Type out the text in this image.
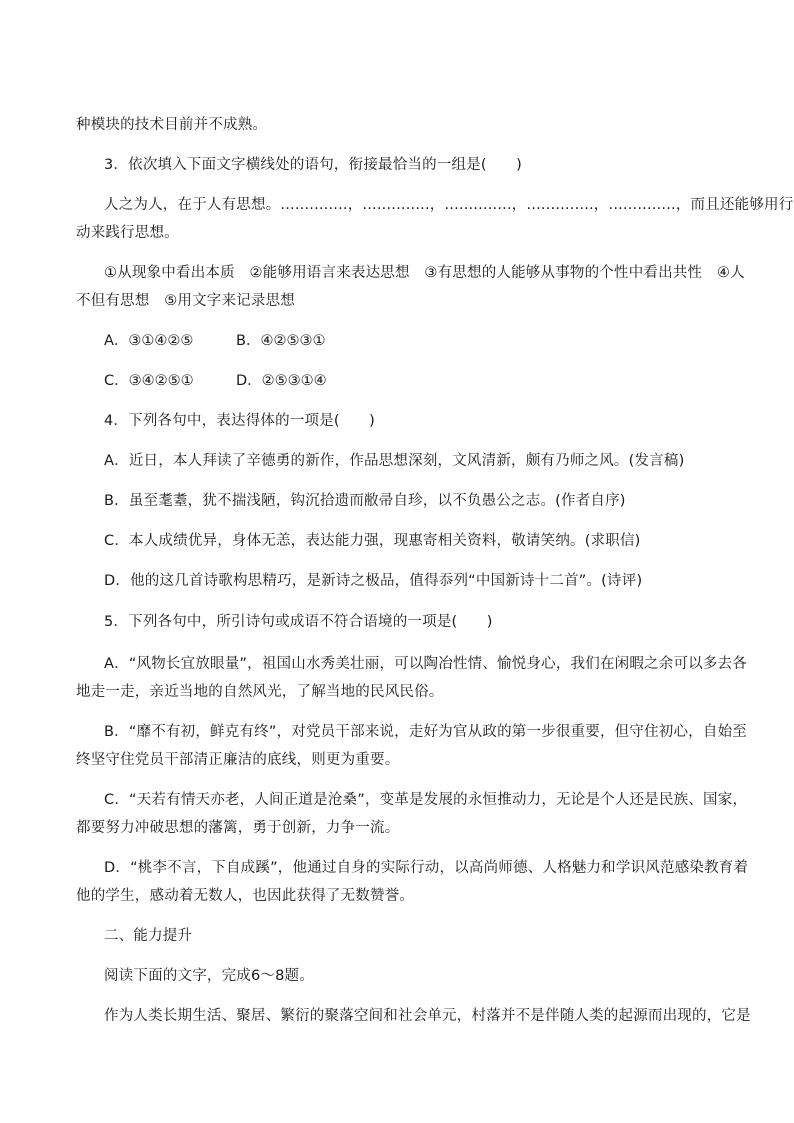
种模块的技术目前并不成熟。
3．依次填入下面文字横线处的语句，衔接最恰当的一组是(　　)
人之为人，在于人有思想。..............，..............，..............，..............，..............，而且还能够用行
动来践行思想。
①从现象中看出本质　②能够用语言来表达思想　③有思想的人能够从事物的个性中看出共性　④人
不但有思想　⑤用文字来记录思想
A．③①④②⑤	B．④②⑤③①
C．③④②⑤①	D．②⑤③①④
4．下列各句中，表达得体的一项是(　　)
A．近日，本人拜读了辛德勇的新作，作品思想深刻，文风清新，颇有乃师之风。(发言稿)
B．虽至耄耋，犹不揣浅陋，钩沉拾遗而敝帚自珍，以不负愚公之志。(作者自序)
C．本人成绩优异，身体无恙，表达能力强，现惠寄相关资料，敬请笑纳。(求职信)
D．他的这几首诗歌构思精巧，是新诗之极品，值得忝列“中国新诗十二首”。(诗评)
5．下列各句中，所引诗句或成语不符合语境的一项是(　　)
A．“风物长宜放眼量”，祖国山水秀美壮丽，可以陶冶性情、愉悦身心，我们在闲暇之余可以多去各
地走一走，亲近当地的自然风光，了解当地的民风民俗。
B．“靡不有初，鲜克有终”，对党员干部来说，走好为官从政的第一步很重要，但守住初心，自始至
终坚守住党员干部清正廉洁的底线，则更为重要。
C．“天若有情天亦老，人间正道是沧桑”，变革是发展的永恒推动力，无论是个人还是民族、国家，
都要努力冲破思想的藩篱，勇于创新，力争一流。
D．“桃李不言，下自成蹊”，他通过自身的实际行动，以高尚师德、人格魅力和学识风范感染教育着
他的学生，感动着无数人，也因此获得了无数赞誉。
二、能力提升
阅读下面的文字，完成6～8题。
作为人类长期生活、聚居、繁衍的聚落空间和社会单元，村落并不是伴随人类的起源而出现的，它是
